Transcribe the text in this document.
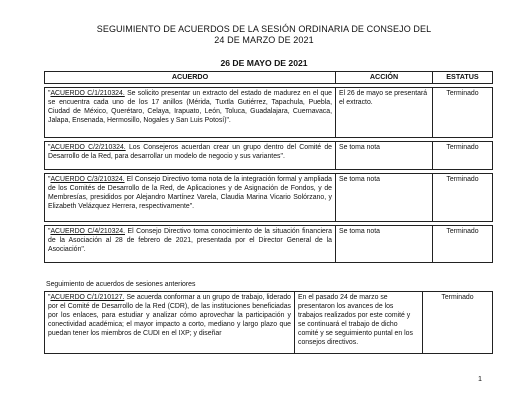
SEGUIMIENTO DE ACUERDOS DE LA SESIÓN ORDINARIA DE CONSEJO DEL
24 DE MARZO DE 2021
26 DE MAYO DE 2021
ACUERDO	ACCIÓN	ESTATUS

"ACUERDO C/1/210324. Se solicito presentar un extracto del estado de madurez en el que se encuentra cada uno de los 17 anillos (Mérida, Tuxtla Gutiérrez, Tapachula, Puebla, Ciudad de México, Querétaro, Celaya, Irapuato, León, Toluca, Guadalajara, Cuernavaca, Jalapa, Ensenada, Hermosillo, Nogales y San Luis Potosí)".	El 26 de mayo se presentará el extracto.	Terminado

"ACUERDO C/2/210324. Los Consejeros acuerdan crear un grupo dentro del Comité de Desarrollo de la Red, para desarrollar un modelo de negocio y sus variantes".	Se toma nota	Terminado

"ACUERDO C/3/210324. El Consejo Directivo toma nota de la integración formal y ampliada de los Comités de Desarrollo de la Red, de Aplicaciones y de Asignación de Fondos, y de Membresías, presididos por Alejandro Martínez Varela, Claudia Marina Vicario Solórzano, y Elizabeth Velázquez Herrera, respectivamente".	Se toma nota	Terminado

"ACUERDO C/4/210324. El Consejo Directivo toma conocimiento de la situación financiera de la Asociación al 28 de febrero de 2021, presentada por el Director General de la Asociación".	Se toma nota	Terminado
Seguimiento de acuerdos de sesiones anteriores
"ACUERDO C/1/210127. Se acuerda conformar a un grupo de trabajo, liderado por el Comité de Desarrollo de la Red (CDR), de las instituciones beneficiadas por los enlaces, para estudiar y analizar cómo aprovechar la participación y conectividad académica; el mayor impacto a corto, mediano y largo plazo que puedan tener los miembros de CUDI en el IXP; y diseñar	En el pasado 24 de marzo se presentaron los avances de los trabajos realizados por este comité y se continuará el trabajo de dicho comité y se seguimiento puntal en los consejos directivos.	Terminado
1
